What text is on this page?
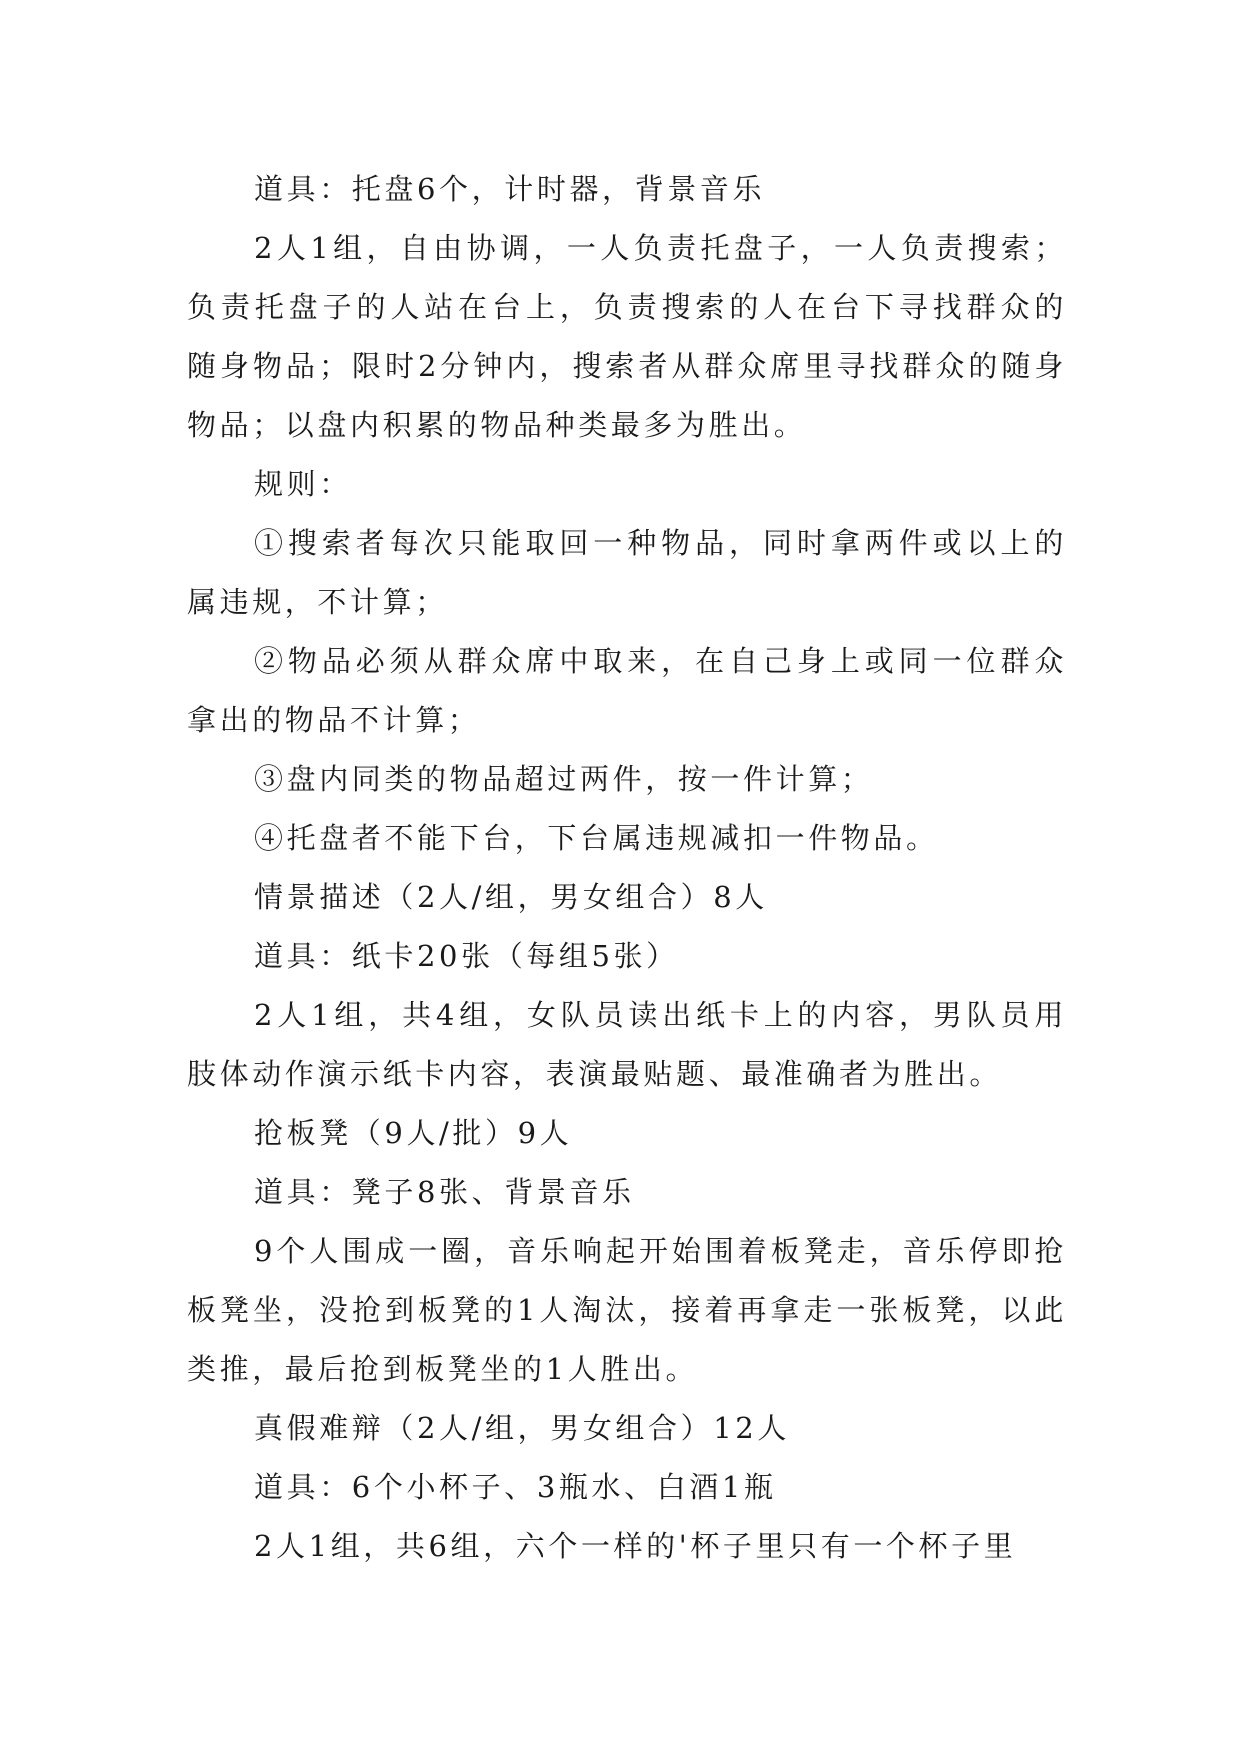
道具：托盘6个，计时器，背景音乐

2人1组，自由协调，一人负责托盘子，一人负责搜索；负责托盘子的人站在台上，负责搜索的人在台下寻找群众的随身物品；限时2分钟内，搜索者从群众席里寻找群众的随身物品；以盘内积累的物品种类最多为胜出。

规则：

①搜索者每次只能取回一种物品，同时拿两件或以上的属违规，不计算；

②物品必须从群众席中取来，在自己身上或同一位群众拿出的物品不计算；

③盘内同类的物品超过两件，按一件计算；

④托盘者不能下台，下台属违规减扣一件物品。

情景描述（2人/组，男女组合）8人

道具：纸卡20张（每组5张）

2人1组，共4组，女队员读出纸卡上的内容，男队员用肢体动作演示纸卡内容，表演最贴题、最准确者为胜出。

抢板凳（9人/批）9人

道具：凳子8张、背景音乐

9个人围成一圈，音乐响起开始围着板凳走，音乐停即抢板凳坐，没抢到板凳的1人淘汰，接着再拿走一张板凳，以此类推，最后抢到板凳坐的1人胜出。

真假难辩（2人/组，男女组合）12人

道具：6个小杯子、3瓶水、白酒1瓶

2人1组，共6组，六个一样的'杯子里只有一个杯子里
